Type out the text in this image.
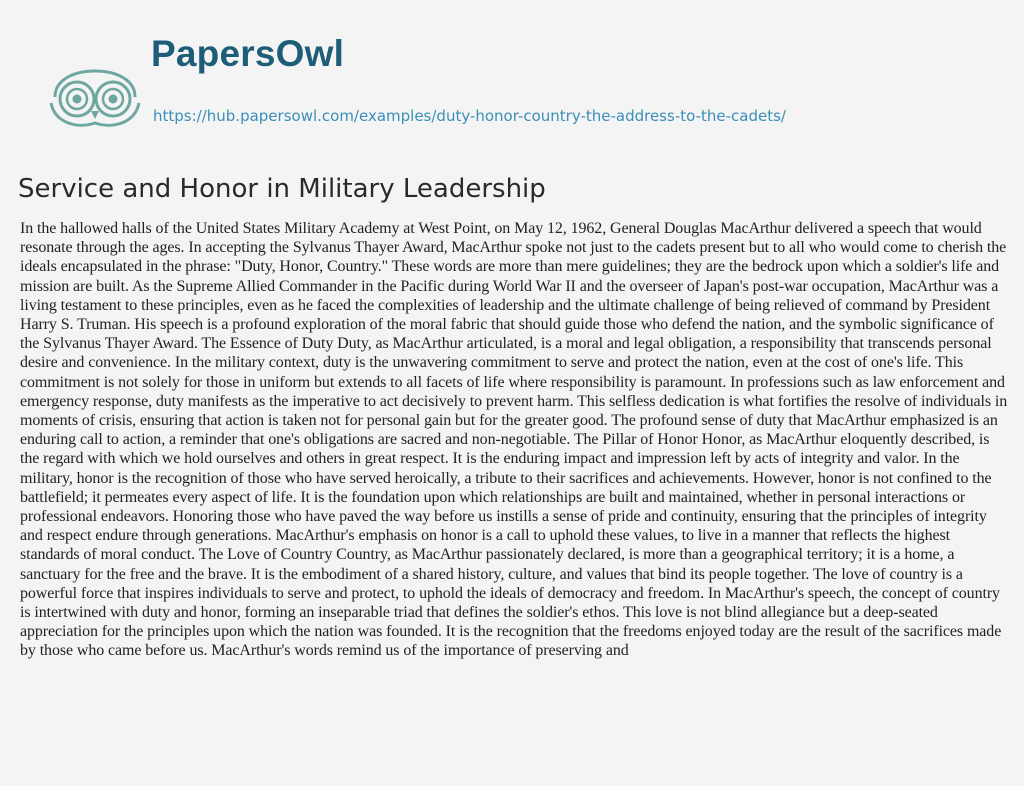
PapersOwl
https://hub.papersowl.com/examples/duty-honor-country-the-address-to-the-cadets/
Service and Honor in Military Leadership

In the hallowed halls of the United States Military Academy at West Point, on May 12, 1962, General Douglas MacArthur delivered a speech that would resonate through the ages. In accepting the Sylvanus Thayer Award, MacArthur spoke not just to the cadets present but to all who would come to cherish the ideals encapsulated in the phrase: "Duty, Honor, Country." These words are more than mere guidelines; they are the bedrock upon which a soldier's life and mission are built. As the Supreme Allied Commander in the Pacific during World War II and the overseer of Japan's post-war occupation, MacArthur was a living testament to these principles, even as he faced the complexities of leadership and the ultimate challenge of being relieved of command by President Harry S. Truman. His speech is a profound exploration of the moral fabric that should guide those who defend the nation, and the symbolic significance of the Sylvanus Thayer Award. The Essence of Duty Duty, as MacArthur articulated, is a moral and legal obligation, a responsibility that transcends personal desire and convenience. In the military context, duty is the unwavering commitment to serve and protect the nation, even at the cost of one's life. This commitment is not solely for those in uniform but extends to all facets of life where responsibility is paramount. In professions such as law enforcement and emergency response, duty manifests as the imperative to act decisively to prevent harm. This selfless dedication is what fortifies the resolve of individuals in moments of crisis, ensuring that action is taken not for personal gain but for the greater good. The profound sense of duty that MacArthur emphasized is an enduring call to action, a reminder that one's obligations are sacred and non-negotiable. The Pillar of Honor Honor, as MacArthur eloquently described, is the regard with which we hold ourselves and others in great respect. It is the enduring impact and impression left by acts of integrity and valor. In the military, honor is the recognition of those who have served heroically, a tribute to their sacrifices and achievements. However, honor is not confined to the battlefield; it permeates every aspect of life. It is the foundation upon which relationships are built and maintained, whether in personal interactions or professional endeavors. Honoring those who have paved the way before us instills a sense of pride and continuity, ensuring that the principles of integrity and respect endure through generations. MacArthur's emphasis on honor is a call to uphold these values, to live in a manner that reflects the highest standards of moral conduct. The Love of Country Country, as MacArthur passionately declared, is more than a geographical territory; it is a home, a sanctuary for the free and the brave. It is the embodiment of a shared history, culture, and values that bind its people together. The love of country is a powerful force that inspires individuals to serve and protect, to uphold the ideals of democracy and freedom. In MacArthur's speech, the concept of country is intertwined with duty and honor, forming an inseparable triad that defines the soldier's ethos. This love is not blind allegiance but a deep-seated appreciation for the principles upon which the nation was founded. It is the recognition that the freedoms enjoyed today are the result of the sacrifices made by those who came before us. MacArthur's words remind us of the importance of preserving and
